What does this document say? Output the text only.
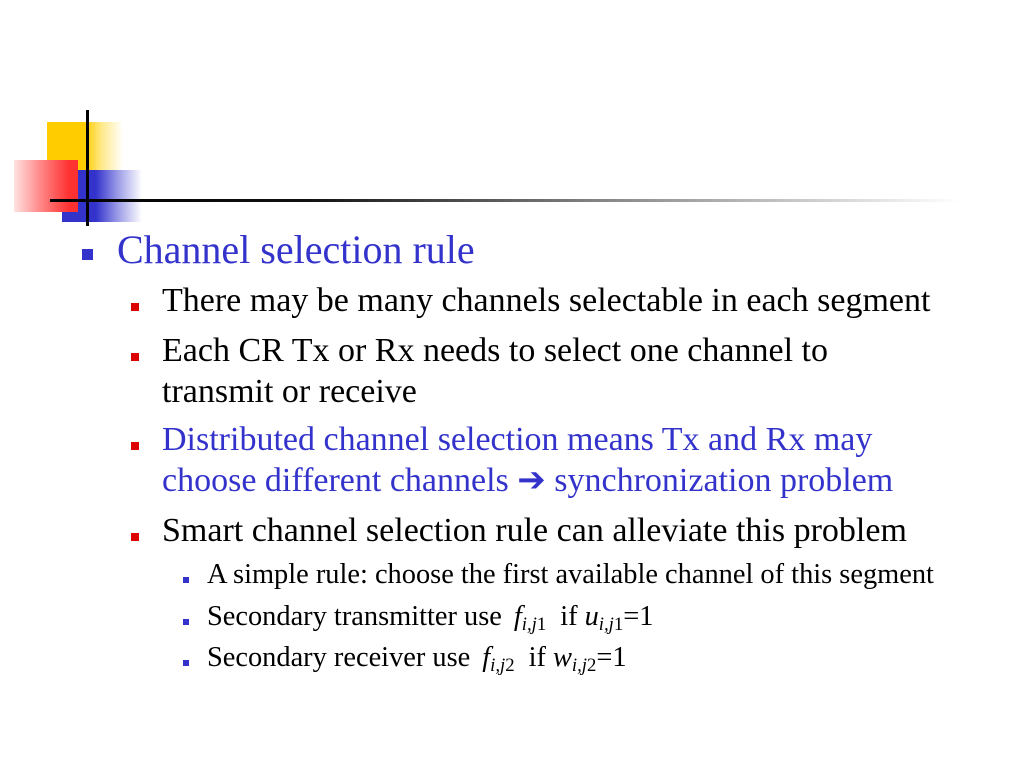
Channel selection rule
There may be many channels selectable in each segment
Each CR Tx or Rx needs to select one channel to
transmit or receive
Distributed channel selection means Tx and Rx may
choose different channels ➔ synchronization problem
Smart channel selection rule can alleviate this problem
A simple rule: choose the first available channel of this segment
Secondary transmitter use fi,j1 if ui,j1=1
Secondary receiver use fi,j2 if wi,j2=1
